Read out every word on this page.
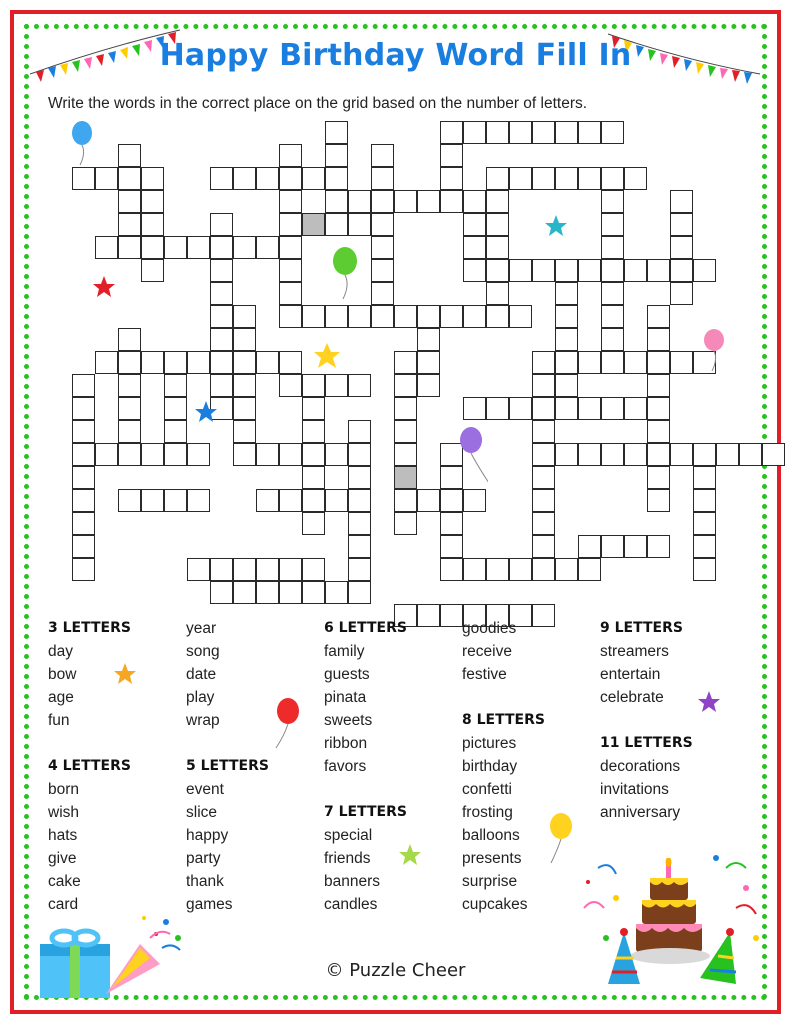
Happy Birthday Word Fill In
Write the words in the correct place on the grid based on the number of letters.
3 LETTERS
day
bow
age
fun
4 LETTERS
born
wish
hats
give
cake
card
year
song
date
play
wrap
5 LETTERS
event
slice
happy
party
thank
games
6 LETTERS
family
guests
pinata
sweets
ribbon
favors
7 LETTERS
special
friends
banners
candles
goodies
receive
festive
8 LETTERS
pictures
birthday
confetti
frosting
balloons
presents
surprise
cupcakes
9 LETTERS
streamers
entertain
celebrate
11 LETTERS
decorations
invitations
anniversary
© Puzzle Cheer
